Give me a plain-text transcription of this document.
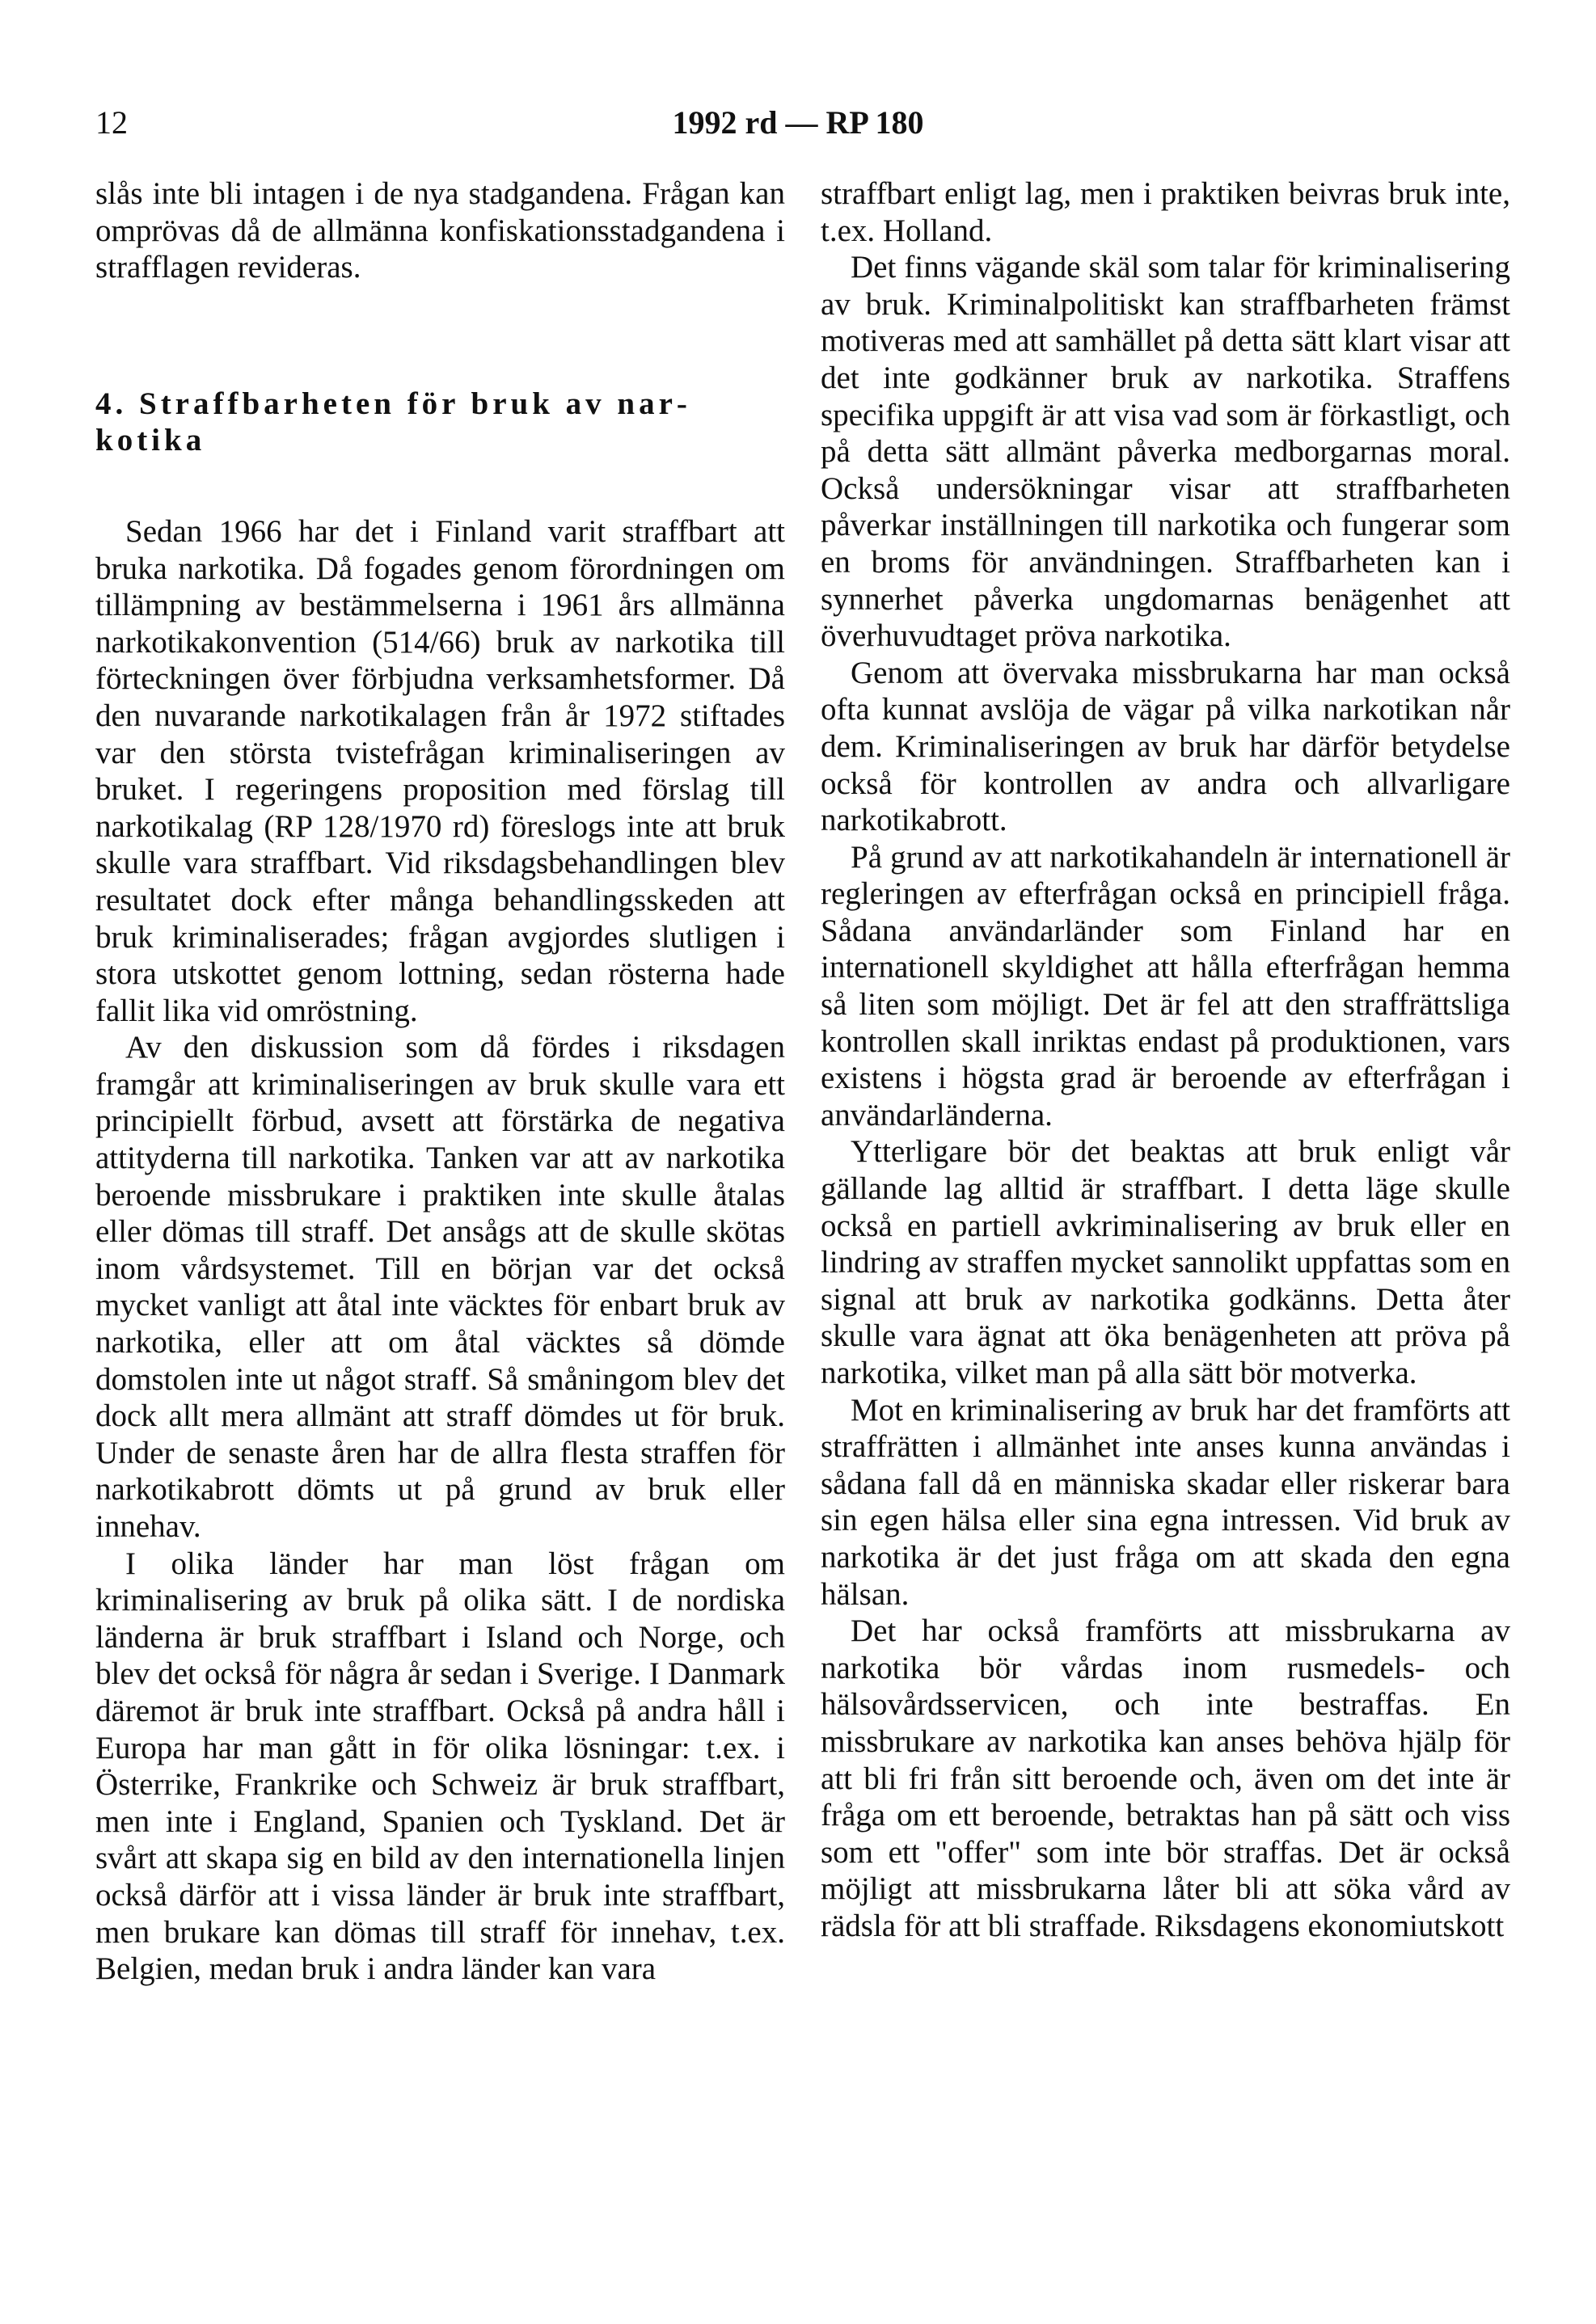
12	1992 rd — RP 180

slås inte bli intagen i de nya stadgandena. Frågan kan omprövas då de allmänna konfiskationsstadgandena i strafflagen revideras.

4. Straffbarheten för bruk av narkotika

Sedan 1966 har det i Finland varit straffbart att bruka narkotika. Då fogades genom förordningen om tillämpning av bestämmelserna i 1961 års allmänna narkotikakonvention (514/66) bruk av narkotika till förteckningen över förbjudna verksamhetsformer. Då den nuvarande narkotikalagen från år 1972 stiftades var den största tvistefrågan kriminaliseringen av bruket. I regeringens proposition med förslag till narkotikalag (RP 128/1970 rd) föreslogs inte att bruk skulle vara straffbart. Vid riksdagsbehandlingen blev resultatet dock efter många behandlingsskeden att bruk kriminaliserades; frågan avgjordes slutligen i stora utskottet genom lottning, sedan rösterna hade fallit lika vid omröstning.

Av den diskussion som då fördes i riksdagen framgår att kriminaliseringen av bruk skulle vara ett principiellt förbud, avsett att förstärka de negativa attityderna till narkotika. Tanken var att av narkotika beroende missbrukare i praktiken inte skulle åtalas eller dömas till straff. Det ansågs att de skulle skötas inom vårdsystemet. Till en början var det också mycket vanligt att åtal inte väcktes för enbart bruk av narkotika, eller att om åtal väcktes så dömde domstolen inte ut något straff. Så småningom blev det dock allt mera allmänt att straff dömdes ut för bruk. Under de senaste åren har de allra flesta straffen för narkotikabrott dömts ut på grund av bruk eller innehav.

I olika länder har man löst frågan om kriminalisering av bruk på olika sätt. I de nordiska länderna är bruk straffbart i Island och Norge, och blev det också för några år sedan i Sverige. I Danmark däremot är bruk inte straffbart. Också på andra håll i Europa har man gått in för olika lösningar: t.ex. i Österrike, Frankrike och Schweiz är bruk straffbart, men inte i England, Spanien och Tyskland. Det är svårt att skapa sig en bild av den internationella linjen också därför att i vissa länder är bruk inte straffbart, men brukare kan dömas till straff för innehav, t.ex. Belgien, medan bruk i andra länder kan vara

straffbart enligt lag, men i praktiken beivras bruk inte, t.ex. Holland.

Det finns vägande skäl som talar för kriminalisering av bruk. Kriminalpolitiskt kan straffbarheten främst motiveras med att samhället på detta sätt klart visar att det inte godkänner bruk av narkotika. Straffens specifika uppgift är att visa vad som är förkastligt, och på detta sätt allmänt påverka medborgarnas moral. Också undersökningar visar att straffbarheten påverkar inställningen till narkotika och fungerar som en broms för användningen. Straffbarheten kan i synnerhet påverka ungdomarnas benägenhet att överhuvudtaget pröva narkotika.

Genom att övervaka missbrukarna har man också ofta kunnat avslöja de vägar på vilka narkotikan når dem. Kriminaliseringen av bruk har därför betydelse också för kontrollen av andra och allvarligare narkotikabrott.

På grund av att narkotikahandeln är internationell är regleringen av efterfrågan också en principiell fråga. Sådana användarländer som Finland har en internationell skyldighet att hålla efterfrågan hemma så liten som möjligt. Det är fel att den straffrättsliga kontrollen skall inriktas endast på produktionen, vars existens i högsta grad är beroende av efterfrågan i användarländerna.

Ytterligare bör det beaktas att bruk enligt vår gällande lag alltid är straffbart. I detta läge skulle också en partiell avkriminalisering av bruk eller en lindring av straffen mycket sannolikt uppfattas som en signal att bruk av narkotika godkänns. Detta åter skulle vara ägnat att öka benägenheten att pröva på narkotika, vilket man på alla sätt bör motverka.

Mot en kriminalisering av bruk har det framförts att straffrätten i allmänhet inte anses kunna användas i sådana fall då en människa skadar eller riskerar bara sin egen hälsa eller sina egna intressen. Vid bruk av narkotika är det just fråga om att skada den egna hälsan.

Det har också framförts att missbrukarna av narkotika bör vårdas inom rusmedels- och hälsovårdsservicen, och inte bestraffas. En missbrukare av narkotika kan anses behöva hjälp för att bli fri från sitt beroende och, även om det inte är fråga om ett beroende, betraktas han på sätt och viss som ett "offer" som inte bör straffas. Det är också möjligt att missbrukarna låter bli att söka vård av rädsla för att bli straffade. Riksdagens ekonomiutskott
